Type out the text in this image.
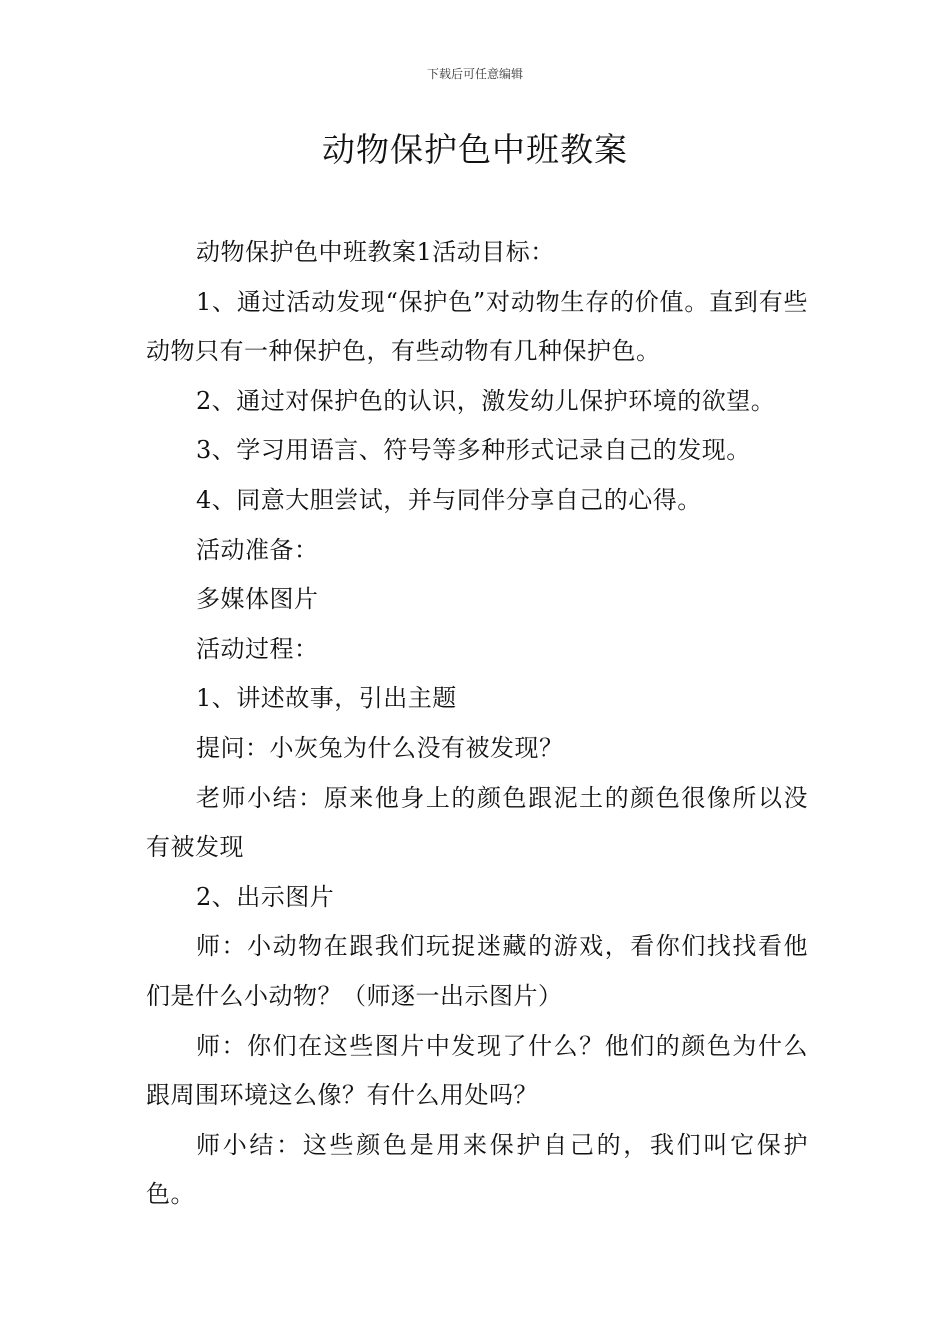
下载后可任意编辑
动物保护色中班教案

动物保护色中班教案1活动目标：

1、通过活动发现“保护色”对动物生存的价值。直到有些动物只有一种保护色，有些动物有几种保护色。

2、通过对保护色的认识，激发幼儿保护环境的欲望。

3、学习用语言、符号等多种形式记录自己的发现。

4、同意大胆尝试，并与同伴分享自己的心得。

活动准备：

多媒体图片

活动过程：

1、讲述故事，引出主题

提问：小灰兔为什么没有被发现？

老师小结：原来他身上的颜色跟泥土的颜色很像所以没有被发现

2、出示图片

师：小动物在跟我们玩捉迷藏的游戏，看你们找找看他们是什么小动物？（师逐一出示图片）

师：你们在这些图片中发现了什么？他们的颜色为什么跟周围环境这么像？有什么用处吗？

师小结：这些颜色是用来保护自己的，我们叫它保护色。
